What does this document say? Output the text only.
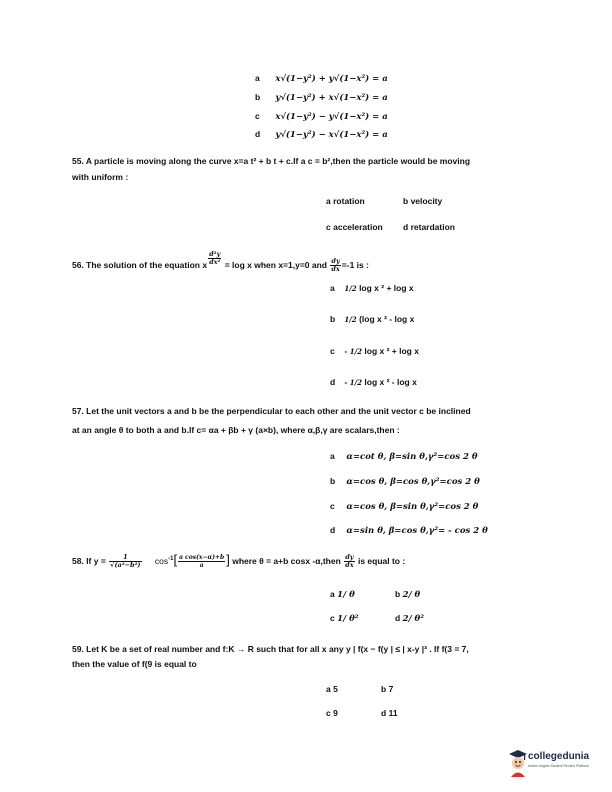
a x√(1−y²) + y√(1−x²) = a
b y√(1−y²) + x√(1−x²) = a
c x√(1−y²) − y√(1−x²) = a
d y√(1−y²) − x√(1−x²) = a
55. A particle is moving along the curve x=a t² + b t + c.If a c = b²,then the particle would be moving
with uniform :
a rotation	b velocity
c acceleration d retardation
56. The solution of the equation x $\frac{\text{d²y}}{\text{dx²}} = \log x$ when x=1,y=0 and $\frac{dy}{dx} =-1$ is :
a 1/2 log x ² + log x
b 1/2 (log x ² - log x
c - 1/2 log x ² + log x
d - 1/2 log x ² - log x
57. Let the unit vectors a and b be the perpendicular to each other and the unit vector c be inclined
at an angle θ to both a and b.If c= αa + βb + γ (a×b), where α,β,γ are scalars,then :
a α=cot θ, β=sin θ,γ²=cos 2 θ
b α=cos θ, β=cos θ,γ²=cos 2 θ
c α=cos θ, β=sin θ,γ²=cos 2 θ
d α=sin θ, β=cos θ,γ²= - cos 2 θ
58. If $y = \frac{1}{\text{√(a²−b²)}} \cos^{-1}[ \frac{\text{a cos(x−α)+b}}{a}$ ] where θ = a+b cosx -α,then $\frac{dy}{dx}$ is equal to :
a 1/ θ	b 2/ θ
c 1/ θ²	d 2/ θ²
59. Let K be a set of real number and f:K → R such that for all x any y | f(x − f(y | ≤ | x-y |³ . If f(3 = 7,
then the value of f(9 is equal to
a 5	b 7
c 9	d 11
collegedunia
India's largest Student Review Platform
